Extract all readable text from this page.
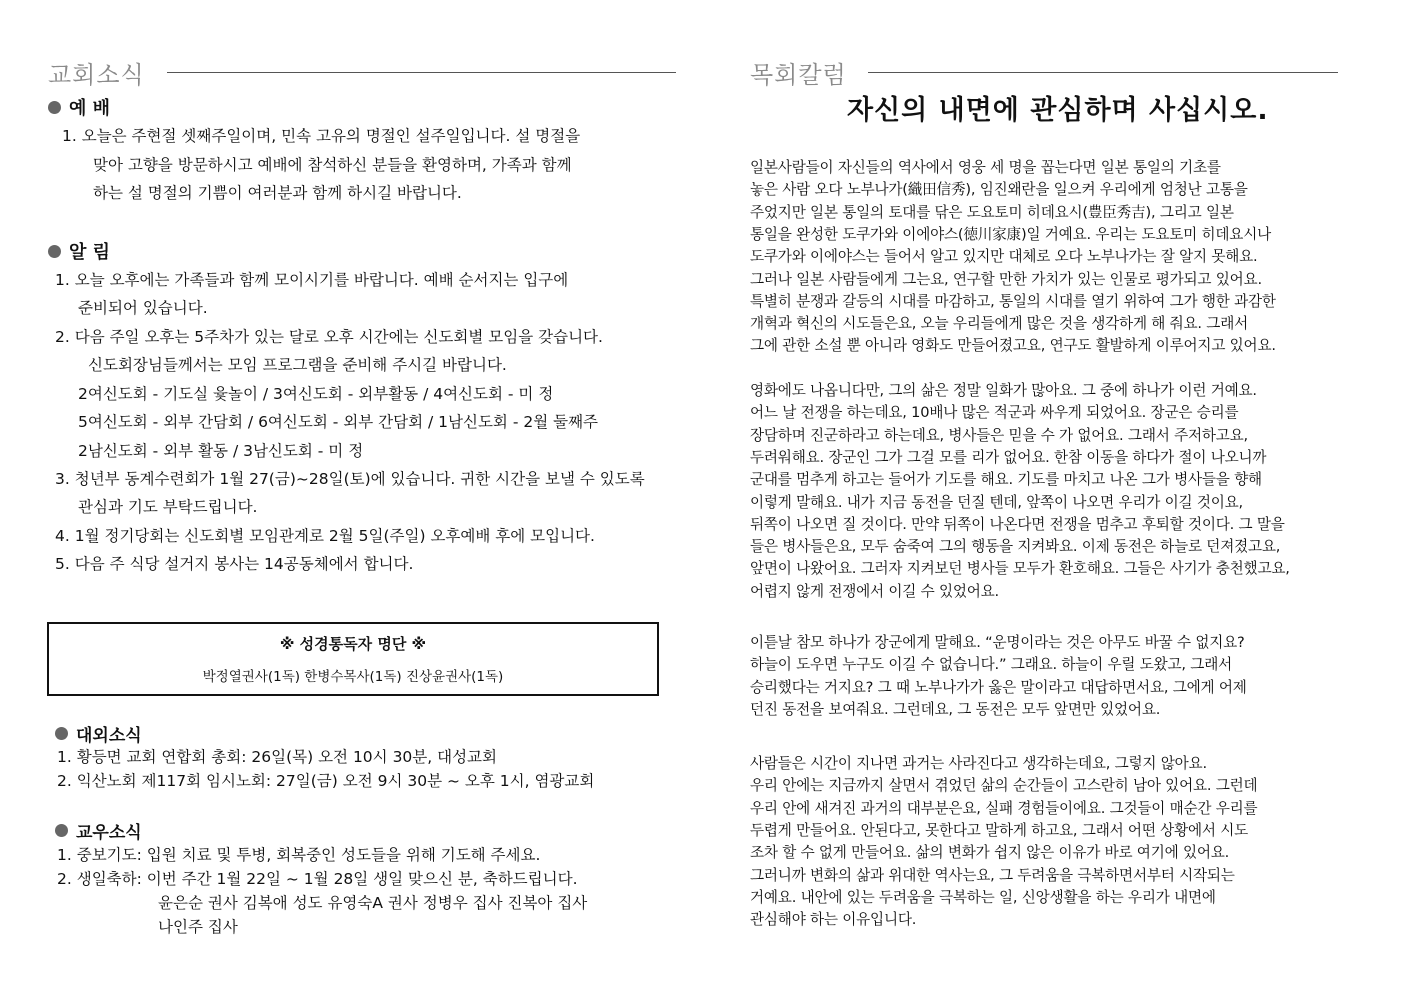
교회소식
예 배
1. 오늘은 주현절 셋째주일이며, 민속 고유의 명절인 설주일입니다. 설 명절을
맞아 고향을 방문하시고 예배에 참석하신 분들을 환영하며, 가족과 함께
하는 설 명절의 기쁨이 여러분과 함께 하시길 바랍니다.
알 림
1. 오늘 오후에는 가족들과 함께 모이시기를 바랍니다. 예배 순서지는 입구에
준비되어 있습니다.
2. 다음 주일 오후는 5주차가 있는 달로 오후 시간에는 신도회별 모임을 갖습니다.
신도회장님들께서는 모임 프로그램을 준비해 주시길 바랍니다.
2여신도회 - 기도실 윷놀이 / 3여신도회 - 외부활동 / 4여신도회 - 미 정
5여신도회 - 외부 간담회 / 6여신도회 - 외부 간담회 / 1남신도회 - 2월 둘째주
2남신도회 - 외부 활동 / 3남신도회 - 미 정
3. 청년부 동계수련회가 1월 27(금)~28일(토)에 있습니다. 귀한 시간을 보낼 수 있도록
관심과 기도 부탁드립니다.
4. 1월 정기당회는 신도회별 모임관계로 2월 5일(주일) 오후예배 후에 모입니다.
5. 다음 주 식당 설거지 봉사는 14공동체에서 합니다.
※ 성경통독자 명단 ※
박정열권사(1독) 한병수목사(1독) 진상윤권사(1독)
대외소식
1. 황등면 교회 연합회 총회: 26일(목) 오전 10시 30분, 대성교회
2. 익산노회 제117회 임시노회: 27일(금) 오전 9시 30분 ~ 오후 1시, 염광교회
교우소식
1. 중보기도: 입원 치료 및 투병, 회복중인 성도들을 위해 기도해 주세요.
2. 생일축하: 이번 주간 1월 22일 ~ 1월 28일 생일 맞으신 분, 축하드립니다.
윤은순 권사 김복애 성도 유영숙A 권사 정병우 집사 진복아 집사
나인주 집사
목회칼럼
자신의 내면에 관심하며 사십시오.
일본사람들이 자신들의 역사에서 영웅 세 명을 꼽는다면 일본 통일의 기초를
놓은 사람 오다 노부나가(織田信秀), 임진왜란을 일으켜 우리에게 엄청난 고통을
주었지만 일본 통일의 토대를 닦은 도요토미 히데요시(豊臣秀吉), 그리고 일본
통일을 완성한 도쿠가와 이에야스(徳川家康)일 거예요. 우리는 도요토미 히데요시나
도쿠가와 이에야스는 들어서 알고 있지만 대체로 오다 노부나가는 잘 알지 못해요.
그러나 일본 사람들에게 그는요, 연구할 만한 가치가 있는 인물로 평가되고 있어요.
특별히 분쟁과 갈등의 시대를 마감하고, 통일의 시대를 열기 위하여 그가 행한 과감한
개혁과 혁신의 시도들은요, 오늘 우리들에게 많은 것을 생각하게 해 줘요. 그래서
그에 관한 소설 뿐 아니라 영화도 만들어졌고요, 연구도 활발하게 이루어지고 있어요.
영화에도 나옵니다만, 그의 삶은 정말 일화가 많아요. 그 중에 하나가 이런 거예요.
어느 날 전쟁을 하는데요, 10배나 많은 적군과 싸우게 되었어요. 장군은 승리를
장담하며 진군하라고 하는데요, 병사들은 믿을 수 가 없어요. 그래서 주저하고요,
두려워해요. 장군인 그가 그걸 모를 리가 없어요. 한참 이동을 하다가 절이 나오니까
군대를 멈추게 하고는 들어가 기도를 해요. 기도를 마치고 나온 그가 병사들을 향해
이렇게 말해요. 내가 지금 동전을 던질 텐데, 앞쪽이 나오면 우리가 이길 것이요,
뒤쪽이 나오면 질 것이다. 만약 뒤쪽이 나온다면 전쟁을 멈추고 후퇴할 것이다. 그 말을
들은 병사들은요, 모두 숨죽여 그의 행동을 지켜봐요. 이제 동전은 하늘로 던져졌고요,
앞면이 나왔어요. 그러자 지켜보던 병사들 모두가 환호해요. 그들은 사기가 충천했고요,
어렵지 않게 전쟁에서 이길 수 있었어요.
이튿날 참모 하나가 장군에게 말해요. “운명이라는 것은 아무도 바꿀 수 없지요?
하늘이 도우면 누구도 이길 수 없습니다.” 그래요. 하늘이 우릴 도왔고, 그래서
승리했다는 거지요? 그 때 노부나가가 옳은 말이라고 대답하면서요, 그에게 어제
던진 동전을 보여줘요. 그런데요, 그 동전은 모두 앞면만 있었어요.
사람들은 시간이 지나면 과거는 사라진다고 생각하는데요, 그렇지 않아요.
우리 안에는 지금까지 살면서 겪었던 삶의 순간들이 고스란히 남아 있어요. 그런데
우리 안에 새겨진 과거의 대부분은요, 실패 경험들이에요. 그것들이 매순간 우리를
두렵게 만들어요. 안된다고, 못한다고 말하게 하고요, 그래서 어떤 상황에서 시도
조차 할 수 없게 만들어요. 삶의 변화가 쉽지 않은 이유가 바로 여기에 있어요.
그러니까 변화의 삶과 위대한 역사는요, 그 두려움을 극복하면서부터 시작되는
거예요. 내안에 있는 두려움을 극복하는 일, 신앙생활을 하는 우리가 내면에
관심해야 하는 이유입니다.
